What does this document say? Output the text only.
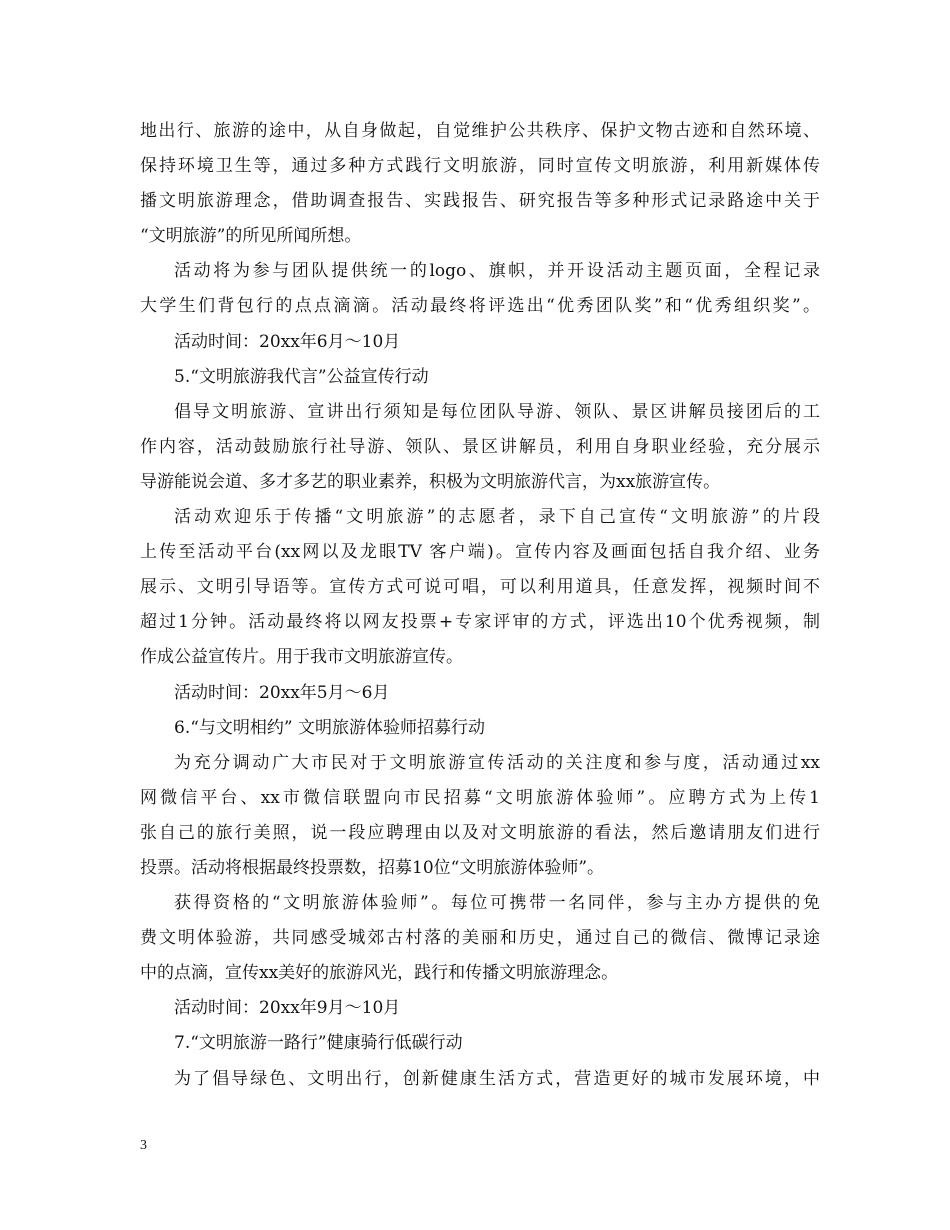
地出行、旅游的途中，从自身做起，自觉维护公共秩序、保护文物古迹和自然环境、
保持环境卫生等，通过多种方式践行文明旅游，同时宣传文明旅游，利用新媒体传
播文明旅游理念，借助调查报告、实践报告、研究报告等多种形式记录路途中关于
“文明旅游”的所见所闻所想。
活动将为参与团队提供统一的logo、旗帜，并开设活动主题页面，全程记录
大学生们背包行的点点滴滴。活动最终将评选出“优秀团队奖”和“优秀组织奖”。
活动时间：20xx年6月～10月
5.“文明旅游我代言”公益宣传行动
倡导文明旅游、宣讲出行须知是每位团队导游、领队、景区讲解员接团后的工
作内容，活动鼓励旅行社导游、领队、景区讲解员，利用自身职业经验，充分展示
导游能说会道、多才多艺的职业素养，积极为文明旅游代言，为xx旅游宣传。
活动欢迎乐于传播“文明旅游”的志愿者，录下自己宣传“文明旅游”的片段
上传至活动平台(xx网以及龙眼TV 客户端)。宣传内容及画面包括自我介绍、业务
展示、文明引导语等。宣传方式可说可唱，可以利用道具，任意发挥，视频时间不
超过1分钟。活动最终将以网友投票+专家评审的方式，评选出10个优秀视频，制
作成公益宣传片。用于我市文明旅游宣传。
活动时间：20xx年5月～6月
6.“与文明相约” 文明旅游体验师招募行动
为充分调动广大市民对于文明旅游宣传活动的关注度和参与度，活动通过xx
网微信平台、xx市微信联盟向市民招募“文明旅游体验师”。应聘方式为上传1
张自己的旅行美照，说一段应聘理由以及对文明旅游的看法，然后邀请朋友们进行
投票。活动将根据最终投票数，招募10位“文明旅游体验师”。
获得资格的“文明旅游体验师”。每位可携带一名同伴，参与主办方提供的免
费文明体验游，共同感受城郊古村落的美丽和历史，通过自己的微信、微博记录途
中的点滴，宣传xx美好的旅游风光，践行和传播文明旅游理念。
活动时间：20xx年9月～10月
7.“文明旅游一路行”健康骑行低碳行动
为了倡导绿色、文明出行，创新健康生活方式，营造更好的城市发展环境，中
3
